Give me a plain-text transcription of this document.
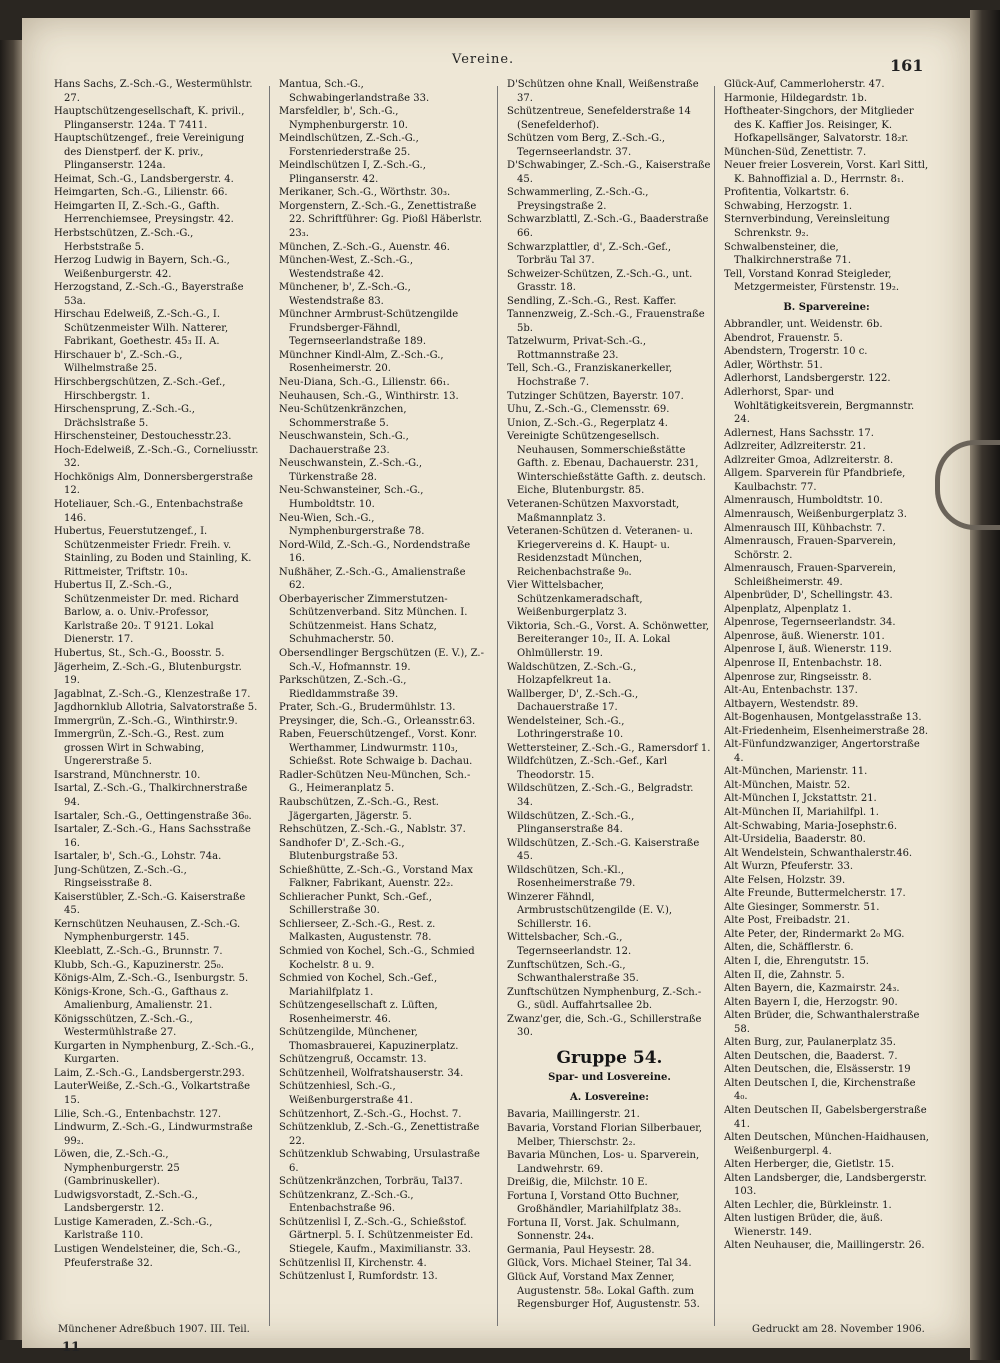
Vereine.	161

Hans Sachs, Z.-Sch.-G., Westermühlstr. 27.

Hauptschützengesellschaft, K. privil., Plinganserstr. 124a. T 7411.

Hauptschützengef., freie Vereinigung des Dienstperf. der K. priv., Plinganserstr. 124a.

Heimat, Sch.-G., Landsbergerstr. 4.

Heimgarten, Sch.-G., Lilienstr. 66.

Heimgarten II, Z.-Sch.-G., Gafth. Herrenchiemsee, Preysingstr. 42.

Herbstschützen, Z.-Sch.-G., Herbststraße 5.

Herzog Ludwig in Bayern, Sch.-G., Weißenburgerstr. 42.

Herzogstand, Z.-Sch.-G., Bayerstraße 53a.

Hirschau Edelweiß, Z.-Sch.-G., I. Schützenmeister Wilh. Natterer, Fabrikant, Goethestr. 45₃ II. A.

Hirschauer b', Z.-Sch.-G., Wilhelmstraße 25.

Hirschbergschützen, Z.-Sch.-Gef., Hirschbergstr. 1.

Hirschensprung, Z.-Sch.-G., Drächslstraße 5.

Hirschensteiner, Destouchesstr.23.

Hoch-Edelweiß, Z.-Sch.-G., Corneliusstr. 32.

Hochkönigs Alm, Donnersbergerstraße 12.

Hoteliauer, Sch.-G., Entenbachstraße 146.

Hubertus, Feuerstutzengef., I. Schützenmeister Friedr. Freih. v. Stainling, zu Boden und Stainling, K. Rittmeister, Triftstr. 10₃.

Hubertus II, Z.-Sch.-G., Schützenmeister Dr. med. Richard Barlow, a. o. Univ.-Professor, Karlstraße 20₂. T 9121. Lokal Dienerstr. 17.

Hubertus, St., Sch.-G., Boosstr. 5.

Jägerheim, Z.-Sch.-G., Blutenburgstr. 19.

Jagablnat, Z.-Sch.-G., Klenzestraße 17.

Jagdhornklub Allotria, Salvatorstraße 5.

Immergrün, Z.-Sch.-G., Winthirstr.9.

Immergrün, Z.-Sch.-G., Rest. zum grossen Wirt in Schwabing, Ungererstraße 5.

Isarstrand, Münchnerstr. 10.

Isartal, Z.-Sch.-G., Thalkirchnerstraße 94.

Isartaler, Sch.-G., Oettingenstraße 36₀.

Isartaler, Z.-Sch.-G., Hans Sachsstraße 16.

Isartaler, b', Sch.-G., Lohstr. 74a.

Jung-Schützen, Z.-Sch.-G., Ringseisstraße 8.

Kaiserstübler, Z.-Sch.-G. Kaiserstraße 45.

Kernschützen Neuhausen, Z.-Sch.-G. Nymphenburgerstr. 145.

Kleeblatt, Z.-Sch.-G., Brunnstr. 7.

Klubb, Sch.-G., Kapuzinerstr. 25₀.

Königs-Alm, Z.-Sch.-G., Isenburgstr. 5.

Königs-Krone, Sch.-G., Gafthaus z. Amalienburg, Amalienstr. 21.

Königsschützen, Z.-Sch.-G., Westermühlstraße 27.

Kurgarten in Nymphenburg, Z.-Sch.-G., Kurgarten.

Laim, Z.-Sch.-G., Landsbergerstr.293.

LauterWeiße, Z.-Sch.-G., Volkartstraße 15.

Lilie, Sch.-G., Entenbachstr. 127.

Lindwurm, Z.-Sch.-G., Lindwurmstraße 99₂.

Löwen, die, Z.-Sch.-G., Nymphenburgerstr. 25 (Gambrinuskeller).

Ludwigsvorstadt, Z.-Sch.-G., Landsbergerstr. 12.

Lustige Kameraden, Z.-Sch.-G., Karlstraße 110.

Lustigen Wendelsteiner, die, Sch.-G., Pfeuferstraße 32.

Mantua, Sch.-G., Schwabingerlandstraße 33.

Marsfeldler, b', Sch.-G., Nymphenburgerstr. 10.

Meindlschützen, Z.-Sch.-G., Forstenriederstraße 25.

Meindlschützen I, Z.-Sch.-G., Plinganserstr. 42.

Merikaner, Sch.-G., Wörthstr. 30₃.

Morgenstern, Z.-Sch.-G., Zenettistraße 22. Schriftführer: Gg. Pioßl Häberlstr. 23₃.

München, Z.-Sch.-G., Auenstr. 46.

München-West, Z.-Sch.-G., Westendstraße 42.

Münchener, b', Z.-Sch.-G., Westendstraße 83.

Münchner Armbrust-Schützengilde Frundsberger-Fähndl, Tegernseerlandstraße 189.

Münchner Kindl-Alm, Z.-Sch.-G., Rosenheimerstr. 20.

Neu-Diana, Sch.-G., Lilienstr. 66₁.

Neuhausen, Sch.-G., Winthirstr. 13.

Neu-Schützenkränzchen, Schommerstraße 5.

Neuschwanstein, Sch.-G., Dachauerstraße 23.

Neuschwanstein, Z.-Sch.-G., Türkenstraße 28.

Neu-Schwansteiner, Sch.-G., Humboldtstr. 10.

Neu-Wien, Sch.-G., Nymphenburgerstraße 78.

Nord-Wild, Z.-Sch.-G., Nordendstraße 16.

Nußhäher, Z.-Sch.-G., Amalienstraße 62.

Oberbayerischer Zimmerstutzen-Schützenverband. Sitz München. I. Schützenmeist. Hans Schatz, Schuhmacherstr. 50.

Obersendlinger Bergschützen (E. V.), Z.-Sch.-V., Hofmannstr. 19.

Parkschützen, Z.-Sch.-G., Riedldammstraße 39.

Prater, Sch.-G., Brudermühlstr. 13.

Preysinger, die, Sch.-G., Orleansstr.63.

Raben, Feuerschützengef., Vorst. Konr. Werthammer, Lindwurmstr. 110₃, Schießst. Rote Schwaige b. Dachau.

Radler-Schützen Neu-München, Sch.-G., Heimeranplatz 5.

Raubschützen, Z.-Sch.-G., Rest. Jägergarten, Jägerstr. 5.

Rehschützen, Z.-Sch.-G., Nablstr. 37.

Sandhofer D', Z.-Sch.-G., Blutenburgstraße 53.

Schießhütte, Z.-Sch.-G., Vorstand Max Falkner, Fabrikant, Auenstr. 22₂.

Schlieracher Punkt, Sch.-Gef., Schillerstraße 30.

Schlierseer, Z.-Sch.-G., Rest. z. Malkasten, Augustenstr. 78.

Schmied von Kochel, Sch.-G., Schmied Kochelstr. 8 u. 9.

Schmied von Kochel, Sch.-Gef., Mariahilfplatz 1.

Schützengesellschaft z. Lüften, Rosenheimerstr. 46.

Schützengilde, Münchener, Thomasbrauerei, Kapuzinerplatz.

Schützengruß, Occamstr. 13.

Schützenheil, Wolfratshauserstr. 34.

Schützenhiesl, Sch.-G., Weißenburgerstraße 41.

Schützenhort, Z.-Sch.-G., Hochst. 7.

Schützenklub, Z.-Sch.-G., Zenettistraße 22.

Schützenklub Schwabing, Ursulastraße 6.

Schützenkränzchen, Torbräu, Tal37.

Schützenkranz, Z.-Sch.-G., Entenbachstraße 96.

Schützenlisl I, Z.-Sch.-G., Schießstof. Gärtnerpl. 5. I. Schützenmeister Ed. Stiegele, Kaufm., Maximilianstr. 33.

Schützenlisl II, Kirchenstr. 4.

Schützenlust I, Rumfordstr. 13.

D'Schützen ohne Knall, Weißenstraße 37.

Schützentreue, Senefelderstraße 14 (Senefelderhof).

Schützen vom Berg, Z.-Sch.-G., Tegernseerlandstr. 37.

D'Schwabinger, Z.-Sch.-G., Kaiserstraße 45.

Schwammerling, Z.-Sch.-G., Preysingstraße 2.

Schwarzblattl, Z.-Sch.-G., Baaderstraße 66.

Schwarzplattler, d', Z.-Sch.-Gef., Torbräu Tal 37.

Schweizer-Schützen, Z.-Sch.-G., unt. Grasstr. 18.

Sendling, Z.-Sch.-G., Rest. Kaffer.

Tannenzweig, Z.-Sch.-G., Frauenstraße 5b.

Tatzelwurm, Privat-Sch.-G., Rottmannstraße 23.

Tell, Sch.-G., Franziskanerkeller, Hochstraße 7.

Tutzinger Schützen, Bayerstr. 107.

Uhu, Z.-Sch.-G., Clemensstr. 69.

Union, Z.-Sch.-G., Regerplatz 4.

Vereinigte Schützengesellsch. Neuhausen, Sommerschießstätte Gafth. z. Ebenau, Dachauerstr. 231, Winterschießstätte Gafth. z. deutsch. Eiche, Blutenburgstr. 85.

Veteranen-Schützen Maxvorstadt, Maßmannplatz 3.

Veteranen-Schützen d. Veteranen- u. Kriegervereins d. K. Haupt- u. Residenzstadt München, Reichenbachstraße 9₀.

Vier Wittelsbacher, Schützenkameradschaft, Weißenburgerplatz 3.

Viktoria, Sch.-G., Vorst. A. Schönwetter, Bereiteranger 10₂, II. A. Lokal Ohlmüllerstr. 19.

Waldschützen, Z.-Sch.-G., Holzapfelkreut 1a.

Wallberger, D', Z.-Sch.-G., Dachauerstraße 17.

Wendelsteiner, Sch.-G., Lothringerstraße 10.

Wettersteiner, Z.-Sch.-G., Ramersdorf 1.

Wildfchützen, Z.-Sch.-Gef., Karl Theodorstr. 15.

Wildschützen, Z.-Sch.-G., Belgradstr. 34.

Wildschützen, Z.-Sch.-G., Plinganserstraße 84.

Wildschützen, Z.-Sch.-G. Kaiserstraße 45.

Wildschützen, Sch.-Kl., Rosenheimerstraße 79.

Winzerer Fähndl, Armbrustschützengilde (E. V.), Schillerstr. 16.

Wittelsbacher, Sch.-G., Tegernseerlandstr. 12.

Zunftschützen, Sch.-G., Schwanthalerstraße 35.

Zunftschützen Nymphenburg, Z.-Sch.-G., südl. Auffahrtsallee 2b.

Zwanz'ger, die, Sch.-G., Schillerstraße 30.

Gruppe 54.
Spar- und Losvereine.
A. Losvereine:

Bavaria, Maillingerstr. 21.

Bavaria, Vorstand Florian Silberbauer, Melber, Thierschstr. 2₂.

Bavaria München, Los- u. Sparverein, Landwehrstr. 69.

Dreißig, die, Milchstr. 10 E.

Fortuna I, Vorstand Otto Buchner, Großhändler, Mariahilfplatz 38₃.

Fortuna II, Vorst. Jak. Schulmann, Sonnenstr. 24₄.

Germania, Paul Heysestr. 28.

Glück, Vors. Michael Steiner, Tal 34.

Glück Auf, Vorstand Max Zenner, Augustenstr. 58₀. Lokal Gafth. zum Regensburger Hof, Augustenstr. 53.

Glück-Auf, Cammerloherstr. 47.

Harmonie, Hildegardstr. 1b.

Hoftheater-Singchors, der Mitglieder des K. Kaffier Jos. Reisinger, K. Hofkapellsänger, Salvatorstr. 18₂r.

München-Süd, Zenettistr. 7.

Neuer freier Losverein, Vorst. Karl Sittl, K. Bahnoffizial a. D., Herrnstr. 8₁.

Profitentia, Volkartstr. 6.

Schwabing, Herzogstr. 1.

Sternverbindung, Vereinsleitung Schrenkstr. 9₂.

Schwalbensteiner, die, Thalkirchnerstraße 71.

Tell, Vorstand Konrad Steigleder, Metzgermeister, Fürstenstr. 19₂.

B. Sparvereine:

Abbrandler, unt. Weidenstr. 6b.

Abendrot, Frauenstr. 5.

Abendstern, Trogerstr. 10 c.

Adler, Wörthstr. 51.

Adlerhorst, Landsbergerstr. 122.

Adlerhorst, Spar- und Wohltätigkeitsverein, Bergmannstr. 24.

Adlernest, Hans Sachsstr. 17.

Adlzreiter, Adlzreiterstr. 21.

Adlzreiter Gmoa, Adlzreiterstr. 8.

Allgem. Sparverein für Pfandbriefe, Kaulbachstr. 77.

Almenrausch, Humboldtstr. 10.

Almenrausch, Weißenburgerplatz 3.

Almenrausch III, Kühbachstr. 7.

Almenrausch, Frauen-Sparverein, Schörstr. 2.

Almenrausch, Frauen-Sparverein, Schleißheimerstr. 49.

Alpenbrüder, D', Schellingstr. 43.

Alpenplatz, Alpenplatz 1.

Alpenrose, Tegernseerlandstr. 34.

Alpenrose, äuß. Wienerstr. 101.

Alpenrose I, äuß. Wienerstr. 119.

Alpenrose II, Entenbachstr. 18.

Alpenrose zur, Ringseisstr. 8.

Alt-Au, Entenbachstr. 137.

Altbayern, Westendstr. 89.

Alt-Bogenhausen, Montgelasstraße 13.

Alt-Friedenheim, Elsenheimerstraße 28.

Alt-Fünfundzwanziger, Angertorstraße 4.

Alt-München, Marienstr. 11.

Alt-München, Maistr. 52.

Alt-München I, Jckstattstr. 21.

Alt-München II, Mariahilfpl. 1.

Alt-Schwabing, Maria-Josephstr.6.

Alt-Ursidelia, Baaderstr. 80.

Alt Wendelstein, Schwanthalerstr.46.

Alt Wurzn, Pfeuferstr. 33.

Alte Felsen, Holzstr. 39.

Alte Freunde, Buttermelcherstr. 17.

Alte Giesinger, Sommerstr. 51.

Alte Post, Freibadstr. 21.

Alte Peter, der, Rindermarkt 2₀ MG.

Alten, die, Schäfflerstr. 6.

Alten I, die, Ehrengutstr. 15.

Alten II, die, Zahnstr. 5.

Alten Bayern, die, Kazmairstr. 24₃.

Alten Bayern I, die, Herzogstr. 90.

Alten Brüder, die, Schwanthalerstraße 58.

Alten Burg, zur, Paulanerplatz 35.

Alten Deutschen, die, Baaderst. 7.

Alten Deutschen, die, Elsässerstr. 19

Alten Deutschen I, die, Kirchenstraße 4₀.

Alten Deutschen II, Gabelsbergerstraße 41.

Alten Deutschen, München-Haidhausen, Weißenburgerpl. 4.

Alten Herberger, die, Gietlstr. 15.

Alten Landsberger, die, Landsbergerstr. 103.

Alten Lechler, die, Bürkleinstr. 1.

Alten lustigen Brüder, die, äuß. Wienerstr. 149.

Alten Neuhauser, die, Maillingerstr. 26.

Münchener Adreßbuch 1907. III. Teil.
11
Gedruckt am 28. November 1906.
